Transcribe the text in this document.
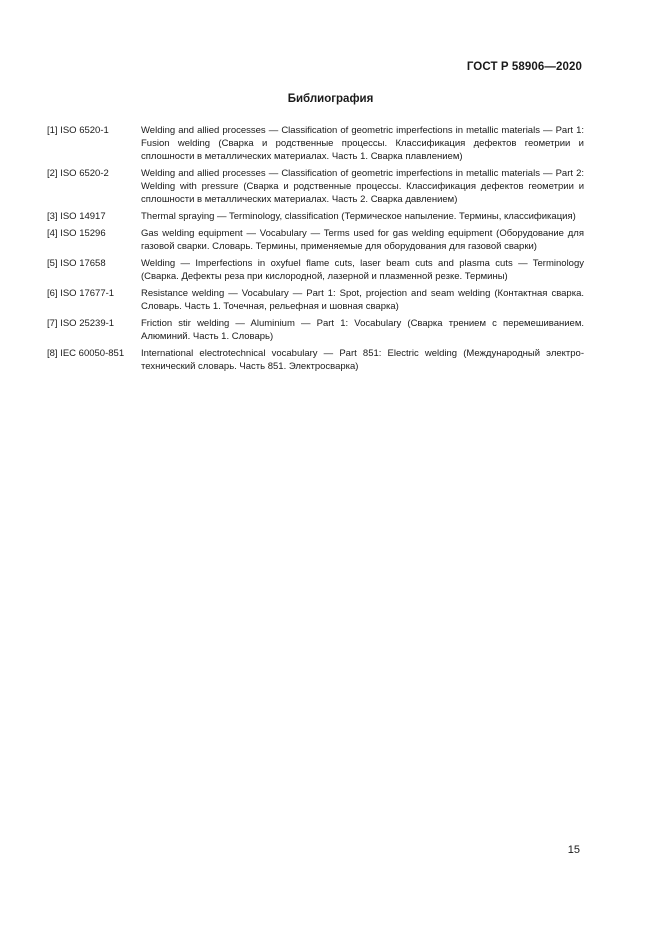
ГОСТ Р 58906—2020
Библиография
[1] ISO 6520-1	Welding and allied processes — Classification of geometric imperfections in metallic materials — Part 1: Fusion welding (Сварка и родственные процессы. Классификация дефектов геометрии и сплошности в металлических материалах. Часть 1. Сварка плавлением)
[2] ISO 6520-2	Welding and allied processes — Classification of geometric imperfections in metallic materials — Part 2: Welding with pressure (Сварка и родственные процессы. Классификация дефектов геометрии и сплошности в металлических материалах. Часть 2. Сварка давлением)
[3] ISO 14917	Thermal spraying — Terminology, classification (Термическое напыление. Термины, классификация)
[4] ISO 15296	Gas welding equipment — Vocabulary — Terms used for gas welding equipment (Оборудование для газовой сварки. Словарь. Термины, применяемые для оборудования для газовой сварки)
[5] ISO 17658	Welding — Imperfections in oxyfuel flame cuts, laser beam cuts and plasma cuts — Terminology (Сварка. Дефекты реза при кислородной, лазерной и плазменной резке. Термины)
[6] ISO 17677-1	Resistance welding — Vocabulary — Part 1: Spot, projection and seam welding (Контактная сварка. Словарь. Часть 1. Точечная, рельефная и шовная сварка)
[7] ISO 25239-1	Friction stir welding — Aluminium — Part 1: Vocabulary (Сварка трением с перемешиванием. Алюминий. Часть 1. Словарь)
[8] IEC 60050-851	International electrotechnical vocabulary — Part 851: Electric welding (Международный электротехнический словарь. Часть 851. Электросварка)
15
